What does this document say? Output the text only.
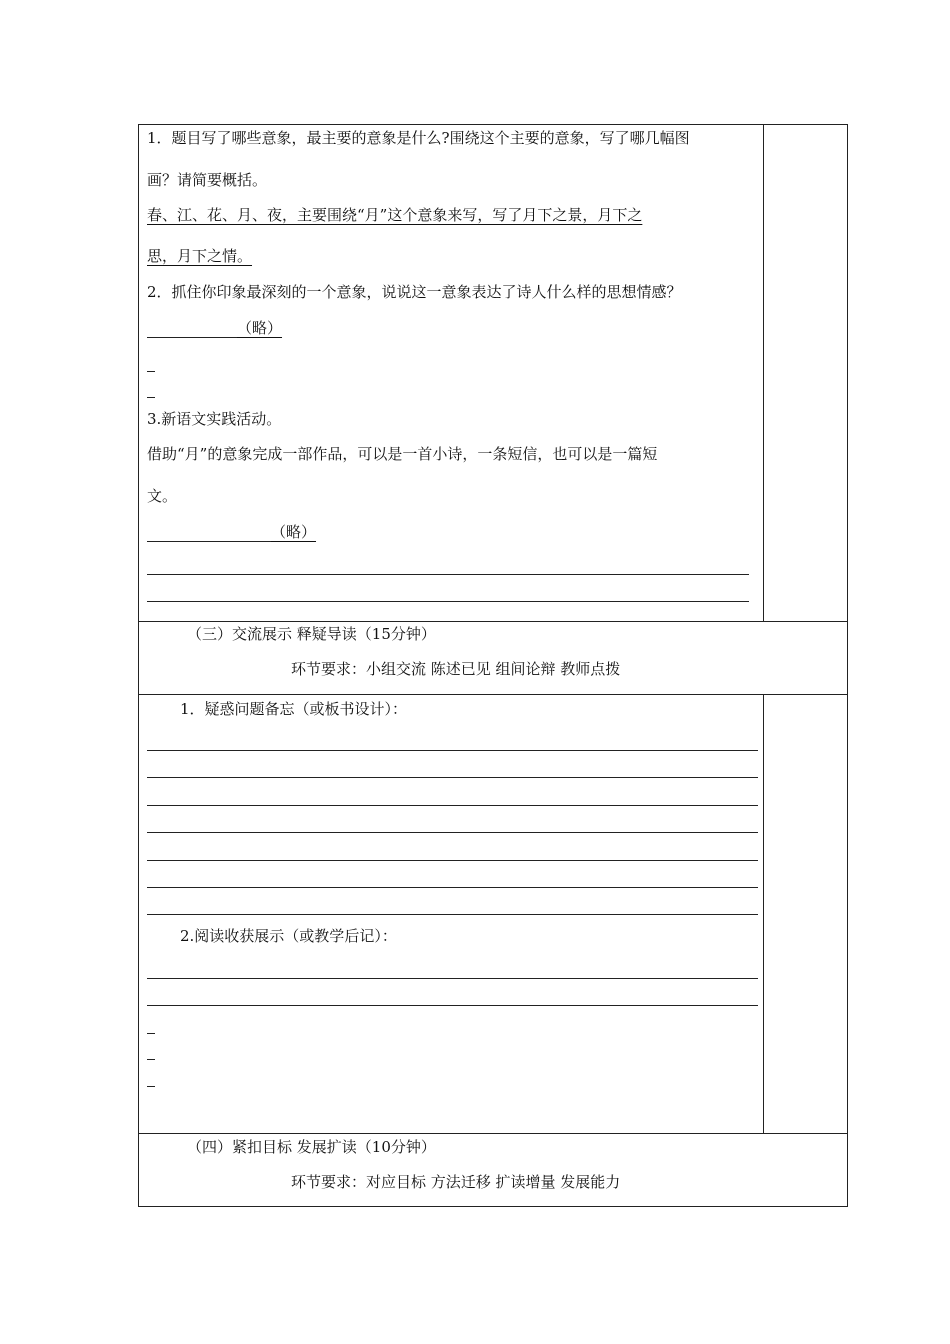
1．题目写了哪些意象，最主要的意象是什么?围绕这个主要的意象，写了哪几幅图
画？请简要概括。
春、江、花、月、夜，主要围绕“月”这个意象来写，写了月下之景，月下之
思，月下之情。
2．抓住你印象最深刻的一个意象，说说这一意象表达了诗人什么样的思想情感？
（略）
3.新语文实践活动。
借助“月”的意象完成一部作品，可以是一首小诗，一条短信，也可以是一篇短
文。
（略）
（三）交流展示 释疑导读（15分钟）
环节要求：小组交流 陈述已见 组间论辩 教师点拨
1．疑惑问题备忘（或板书设计）：
2.阅读收获展示（或教学后记）：
（四）紧扣目标 发展扩读（10分钟）
环节要求：对应目标 方法迁移 扩读增量 发展能力
